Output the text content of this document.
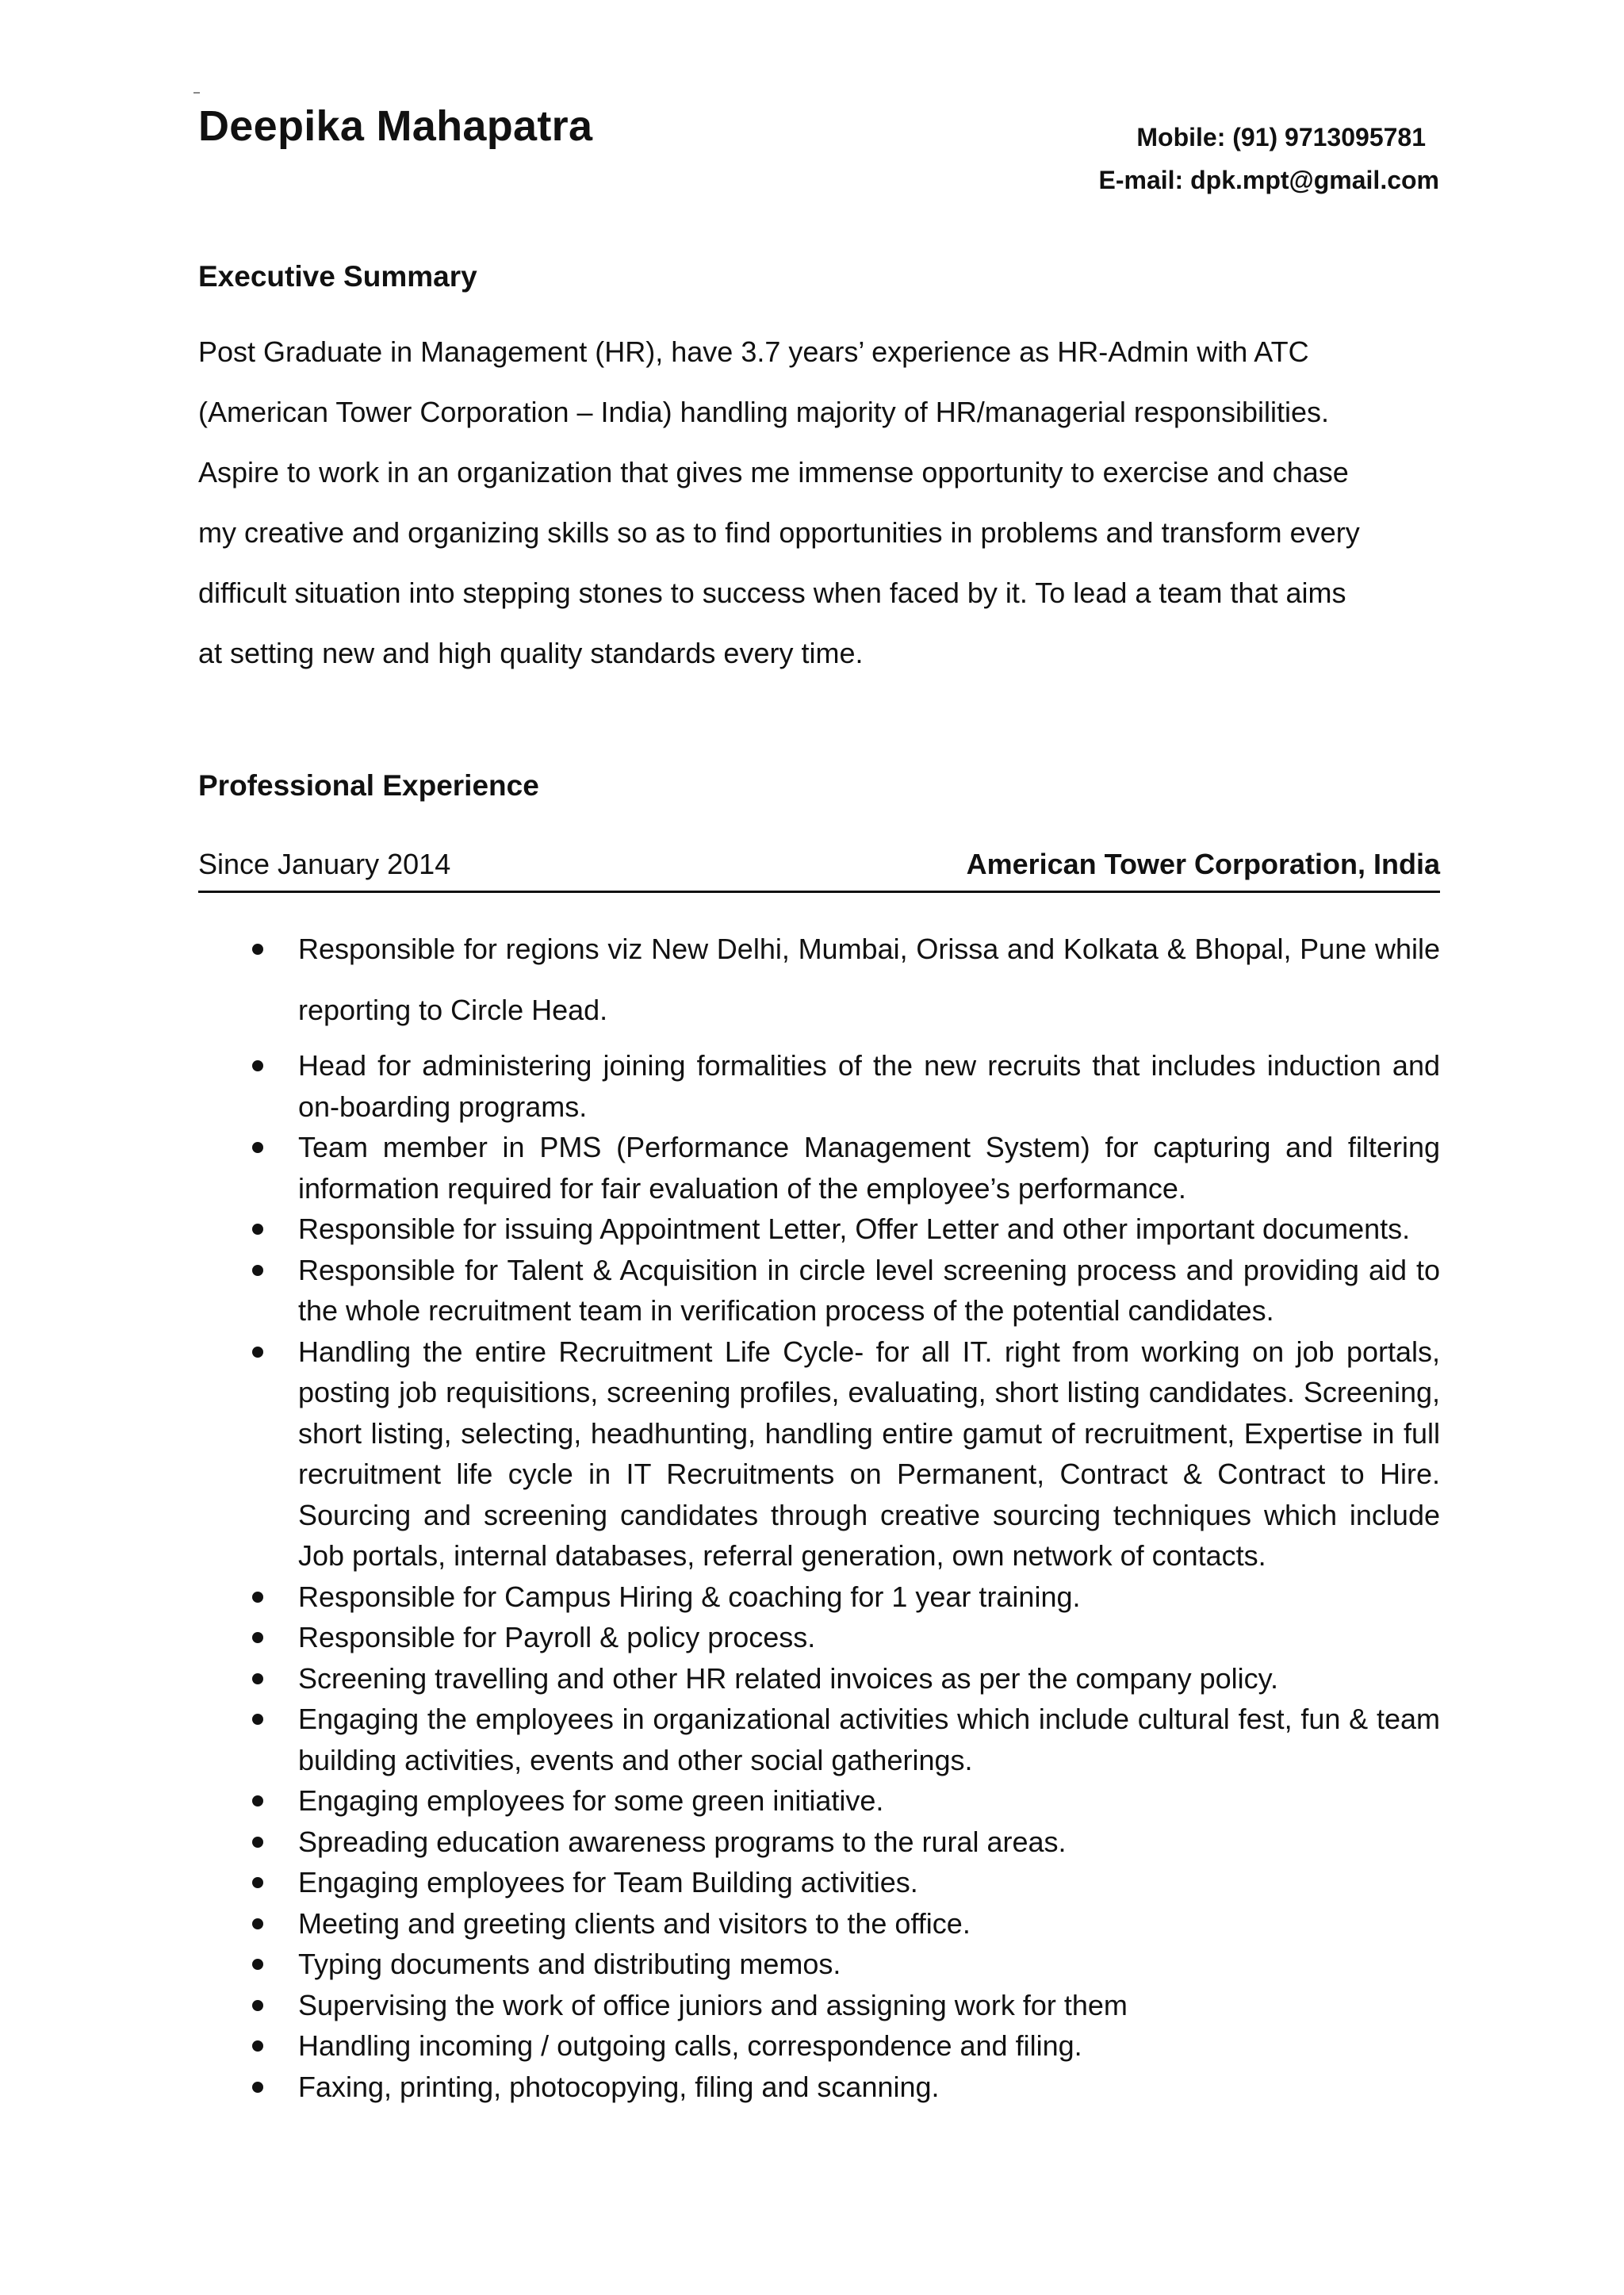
Deepika Mahapatra	Mobile: (91) 9713095781
E-mail: dpk.mpt@gmail.com
Executive Summary
Post Graduate in Management (HR), have 3.7 years’ experience as HR-Admin with ATC
(American Tower Corporation – India) handling majority of HR/managerial responsibilities.
Aspire to work in an organization that gives me immense opportunity to exercise and chase
my creative and organizing skills so as to find opportunities in problems and transform every
difficult situation into stepping stones to success when faced by it. To lead a team that aims
at setting new and high quality standards every time.
Professional Experience
Since January 2014	American Tower Corporation, India
Responsible for regions viz New Delhi, Mumbai, Orissa and Kolkata & Bhopal, Pune while reporting to Circle Head.
Head for administering joining formalities of the new recruits that includes induction and on-boarding programs.
Team member in PMS (Performance Management System) for capturing and filtering information required for fair evaluation of the employee’s performance.
Responsible for issuing Appointment Letter, Offer Letter and other important documents.
Responsible for Talent & Acquisition in circle level screening process and providing aid to the whole recruitment team in verification process of the potential candidates.
Handling the entire Recruitment Life Cycle- for all IT. right from working on job portals, posting job requisitions, screening profiles, evaluating, short listing candidates. Screening, short listing, selecting, headhunting, handling entire gamut of recruitment, Expertise in full recruitment life cycle in IT Recruitments on Permanent, Contract & Contract to Hire. Sourcing and screening candidates through creative sourcing techniques which include Job portals, internal databases, referral generation, own network of contacts.
Responsible for Campus Hiring & coaching for 1 year training.
Responsible for Payroll & policy process.
Screening travelling and other HR related invoices as per the company policy.
Engaging the employees in organizational activities which include cultural fest, fun & team building activities, events and other social gatherings.
Engaging employees for some green initiative.
Spreading education awareness programs to the rural areas.
Engaging employees for Team Building activities.
Meeting and greeting clients and visitors to the office.
Typing documents and distributing memos.
Supervising the work of office juniors and assigning work for them
Handling incoming / outgoing calls, correspondence and filing.
Faxing, printing, photocopying, filing and scanning.
